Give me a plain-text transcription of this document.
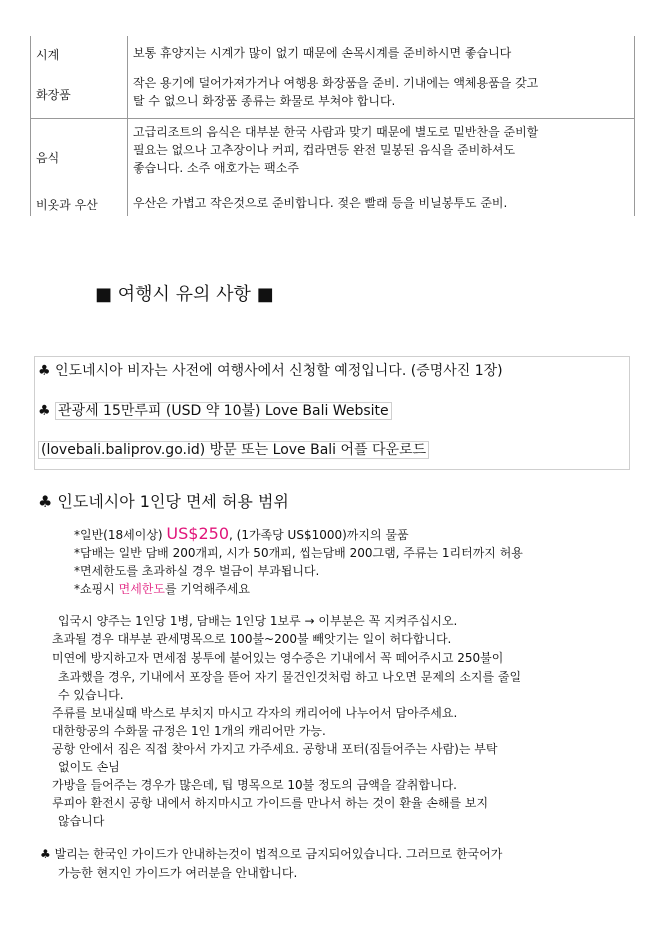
시계	보통 휴양지는 시계가 많이 없기 때문에 손목시계를 준비하시면 좋습니다
화장품
작은 용기에 덜어가져가거나 여행용 화장품을 준비. 기내에는 액체용품을 갖고
탈 수 없으니 화장품 종류는 화물로 부쳐야 합니다.
음식
고급리조트의 음식은 대부분 한국 사람과 맞기 때문에 별도로 밑반찬을 준비할
필요는 없으나 고추장이나 커피, 컵라면등 완전 밀봉된 음식을 준비하셔도
좋습니다. 소주 애호가는 팩소주
비옷과 우산	우산은 가볍고 작은것으로 준비합니다. 젖은 빨래 등을 비닐봉투도 준비.
■ 여행시 유의 사항 ■
♣ 인도네시아 비자는 사전에 여행사에서 신청할 예정입니다. (증명사진 1장)
♣ 관광세 15만루피 (USD 약 10불) Love Bali Website
(lovebali.baliprov.go.id) 방문 또는 Love Bali 어플 다운로드
♣ 인도네시아 1인당 면세 허용 범위
*일반(18세이상) US$250, (1가족당 US$1000)까지의 물품
*담배는 일반 담배 200개피, 시가 50개피, 씹는담배 200그램, 주류는 1리터까지 허용
*면세한도를 초과하실 경우 벌금이 부과됩니다.
*쇼핑시 면세한도를 기억해주세요
입국시 양주는 1인당 1병, 담배는 1인당 1보루 → 이부분은 꼭 지켜주십시오.
초과될 경우 대부분 관세명목으로 100불~200불 빼앗기는 일이 허다합니다.
미연에 방지하고자 면세점 봉투에 붙어있는 영수증은 기내에서 꼭 떼어주시고 250불이
초과했을 경우, 기내에서 포장을 뜯어 자기 물건인것처럼 하고 나오면 문제의 소지를 줄일
수 있습니다.
주류를 보내실때 박스로 부치지 마시고 각자의 캐리어에 나누어서 담아주세요.
대한항공의 수화물 규정은 1인 1개의 캐리어만 가능.
공항 안에서 짐은 직접 찾아서 가지고 가주세요. 공항내 포터(짐들어주는 사람)는 부탁
없이도 손님
가방을 들어주는 경우가 많은데, 팁 명목으로 10불 정도의 금액을 갈취합니다.
루피아 환전시 공항 내에서 하지마시고 가이드를 만나서 하는 것이 환율 손해를 보지
않습니다
♣ 발리는 한국인 가이드가 안내하는것이 법적으로 금지되어있습니다. 그러므로 한국어가
가능한 현지인 가이드가 여러분을 안내합니다.
